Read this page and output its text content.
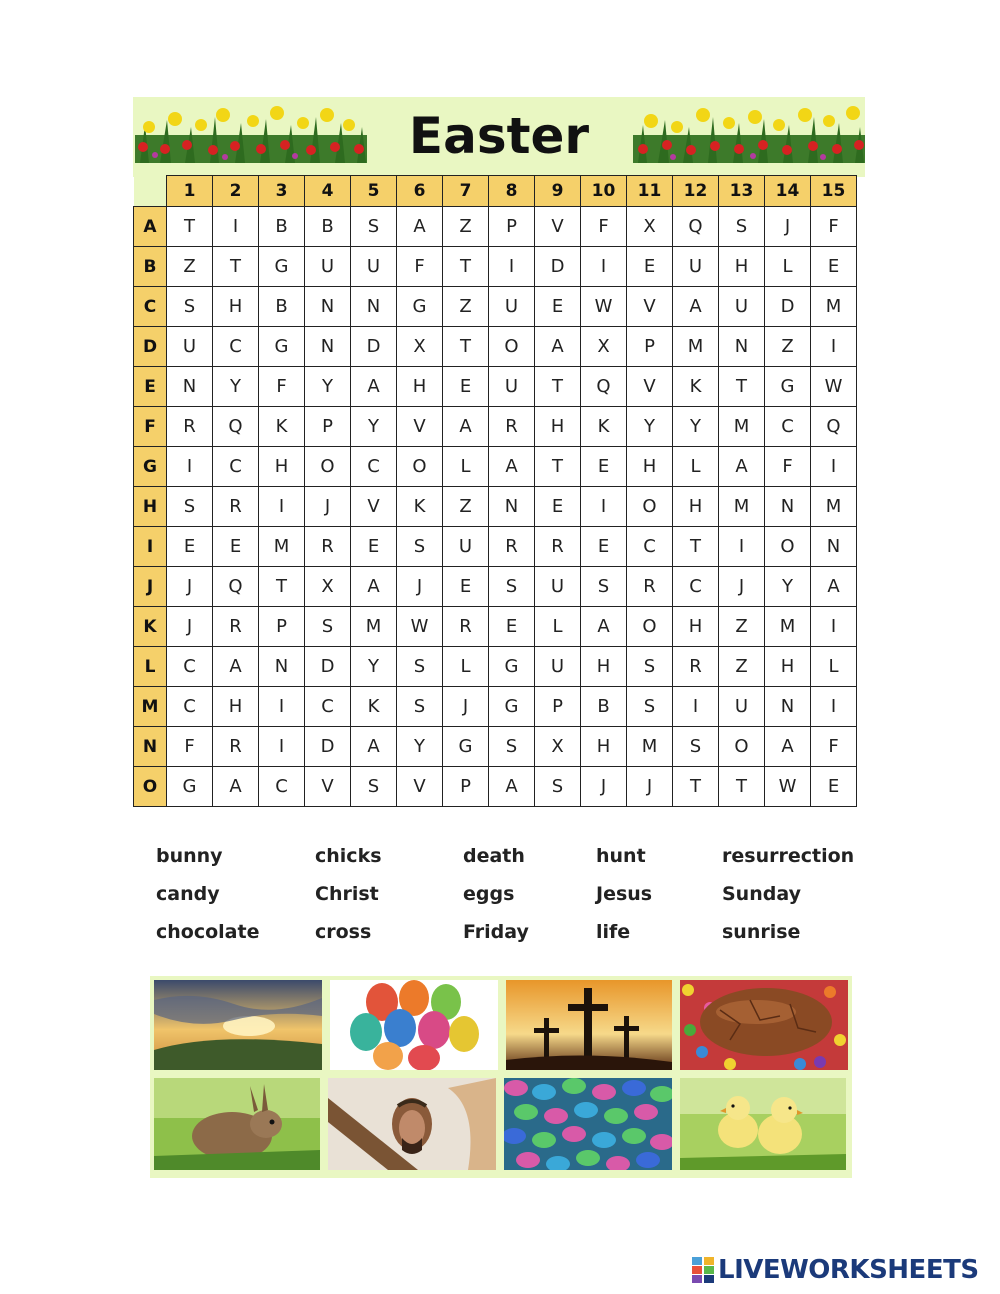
Easter
	1	2	3	4	5	6	7	8	9	10	11	12	13	14	15
A	T	I	B	B	S	A	Z	P	V	F	X	Q	S	J	F
B	Z	T	G	U	U	F	T	I	D	I	E	U	H	L	E
C	S	H	B	N	N	G	Z	U	E	W	V	A	U	D	M
D	U	C	G	N	D	X	T	O	A	X	P	M	N	Z	I
E	N	Y	F	Y	A	H	E	U	T	Q	V	K	T	G	W
F	R	Q	K	P	Y	V	A	R	H	K	Y	Y	M	C	Q
G	I	C	H	O	C	O	L	A	T	E	H	L	A	F	I
H	S	R	I	J	V	K	Z	N	E	I	O	H	M	N	M
I	E	E	M	R	E	S	U	R	R	E	C	T	I	O	N
J	J	Q	T	X	A	J	E	S	U	S	R	C	J	Y	A
K	J	R	P	S	M	W	R	E	L	A	O	H	Z	M	I
L	C	A	N	D	Y	S	L	G	U	H	S	R	Z	H	L
M	C	H	I	C	K	S	J	G	P	B	S	I	U	N	I
N	F	R	I	D	A	Y	G	S	X	H	M	S	O	A	F
O	G	A	C	V	S	V	P	A	S	J	J	T	T	W	E
bunny	chicks	death	hunt	resurrection
candy	Christ	eggs	Jesus	Sunday
chocolate	cross	Friday	life	sunrise
LIVEWORKSHEETS
